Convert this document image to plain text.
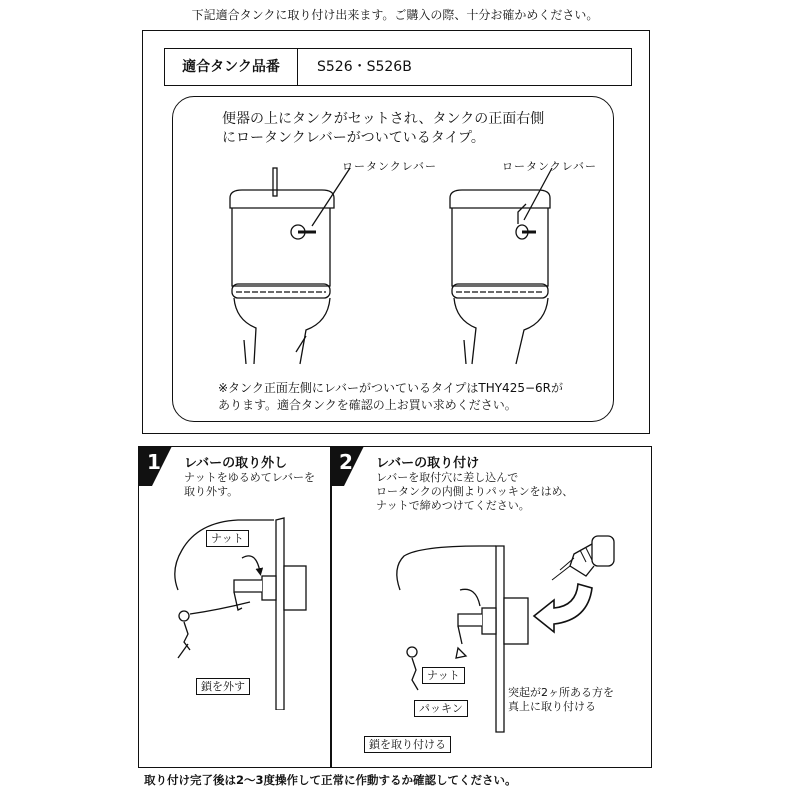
下記適合タンクに取り付け出来ます。ご購入の際、十分お確かめください。
適合タンク品番	S526・S526B
便器の上にタンクがセットされ、タンクの正面右側
にロータンクレバーがついているタイプ。
ロータンクレバー	ロータンクレバー
※タンク正面左側にレバーがついているタイプはTHY425−6Rが
あります。適合タンクを確認の上お買い求めください。
1	2
レバーの取り外し
ナットをゆるめてレバーを
取り外す。
レバーの取り付け
レバーを取付穴に差し込んで
ロータンクの内側よりパッキンをはめ、
ナットで締めつけてください。
ナット
鎖を外す
ナット
パッキン
鎖を取り付ける
突起が2ヶ所ある方を
真上に取り付ける
取り付け完了後は2〜3度操作して正常に作動するか確認してください。
